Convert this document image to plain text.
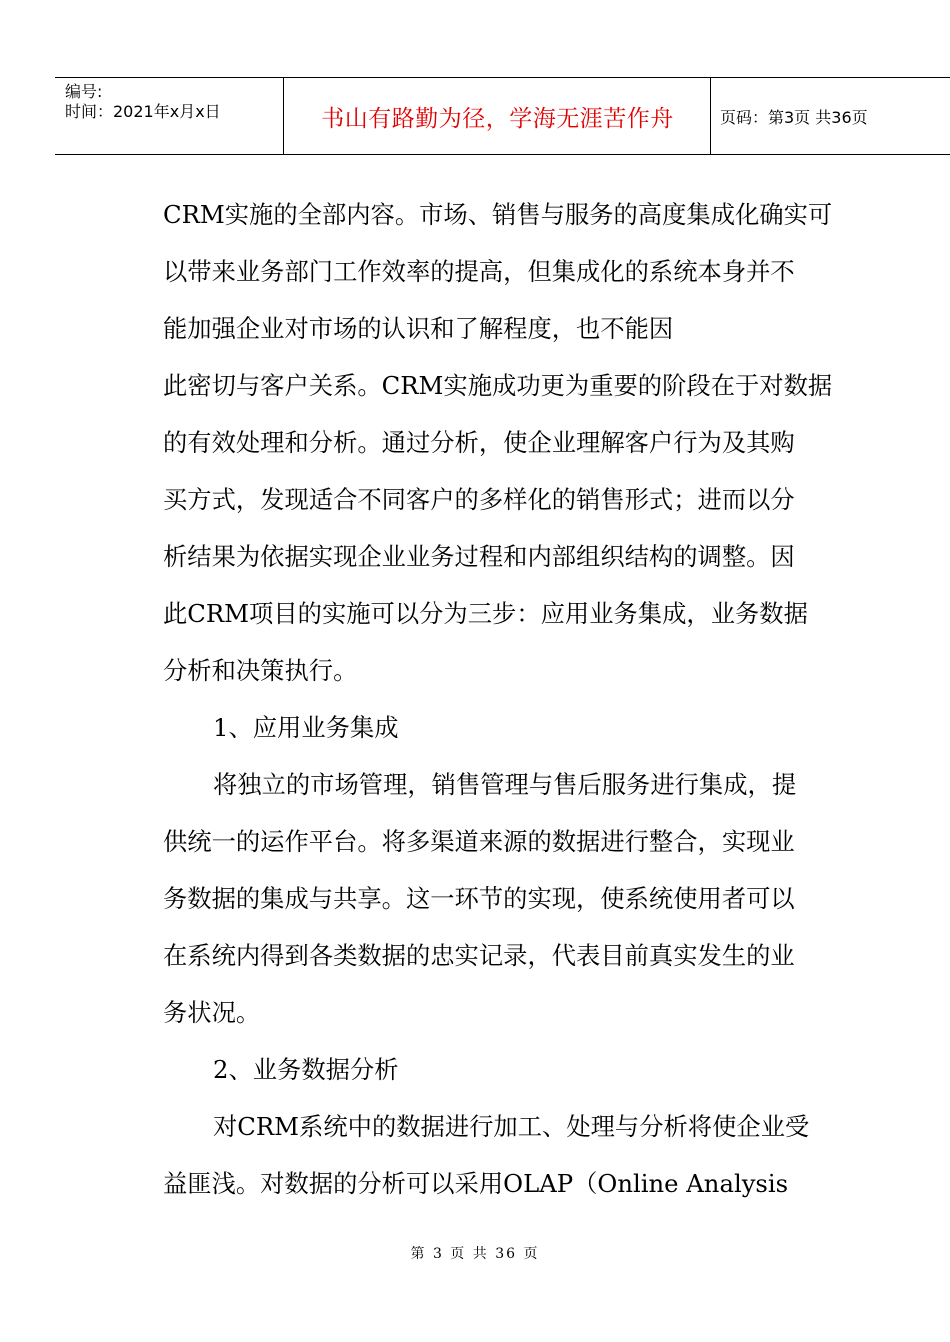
编号:
时间：2021年x月x日	书山有路勤为径，学海无涯苦作舟	页码：第3页 共36页
CRM实施的全部内容。市场、销售与服务的高度集成化确实可
以带来业务部门工作效率的提高，但集成化的系统本身并不
能加强企业对市场的认识和了解程度，也不能因
此密切与客户关系。CRM实施成功更为重要的阶段在于对数据
的有效处理和分析。通过分析，使企业理解客户行为及其购
买方式，发现适合不同客户的多样化的销售形式；进而以分
析结果为依据实现企业业务过程和内部组织结构的调整。因
此CRM项目的实施可以分为三步：应用业务集成，业务数据
分析和决策执行。
1、应用业务集成
将独立的市场管理，销售管理与售后服务进行集成，提
供统一的运作平台。将多渠道来源的数据进行整合，实现业
务数据的集成与共享。这一环节的实现，使系统使用者可以
在系统内得到各类数据的忠实记录，代表目前真实发生的业
务状况。
2、业务数据分析
对CRM系统中的数据进行加工、处理与分析将使企业受
益匪浅。对数据的分析可以采用OLAP（Online Analysis
第 3 页 共 36 页
